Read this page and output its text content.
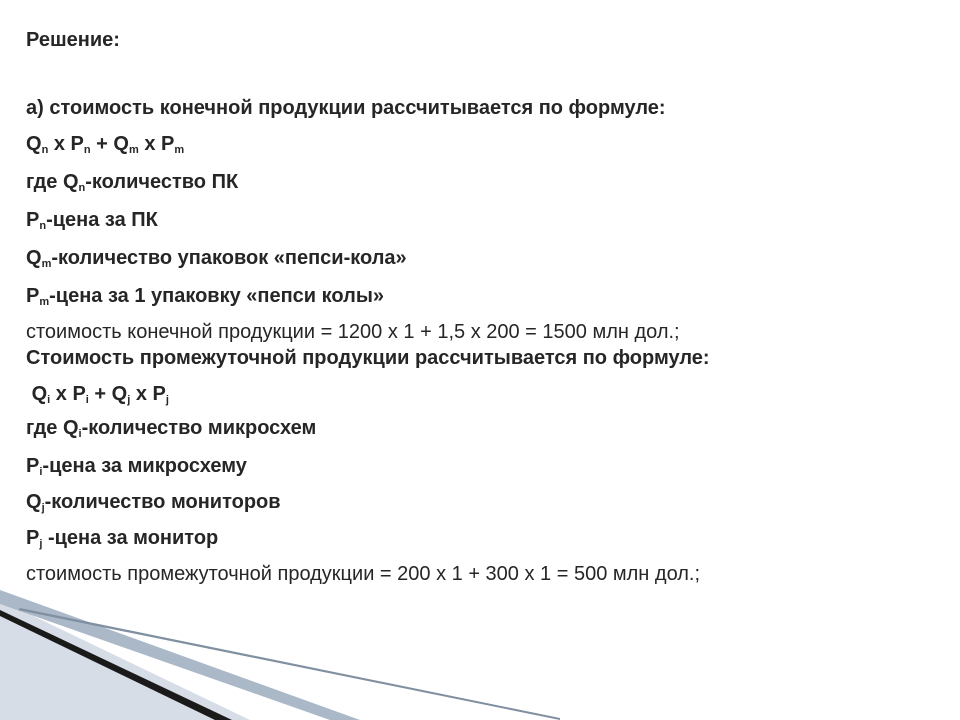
Решение:
а) стоимость конечной продукции рассчитывается по формуле:
$Q_n$ x $P_n + Q_m$ x $P_m$
где $Q_n$-количество ПК
$P_n$-цена за ПК
$Q_m$-количество упаковок «пепси-кола»
$P_m$-цена за 1 упаковку «пепси колы»
стоимость конечной продукции = 1200 х 1 + 1,5 х 200 = 1500 млн дол.;
Стоимость промежуточной продукции рассчитывается по формуле:
$Q_i$ x $P_i + Q_j$ x $P_j$
где $Q_i$-количество микросхем
$P_i$-цена за микросхему
$Q_j$-количество мониторов
$P_j$ -цена за монитор
стоимость промежуточной продукции = 200 х 1 + 300 х 1 = 500 млн дол.;
